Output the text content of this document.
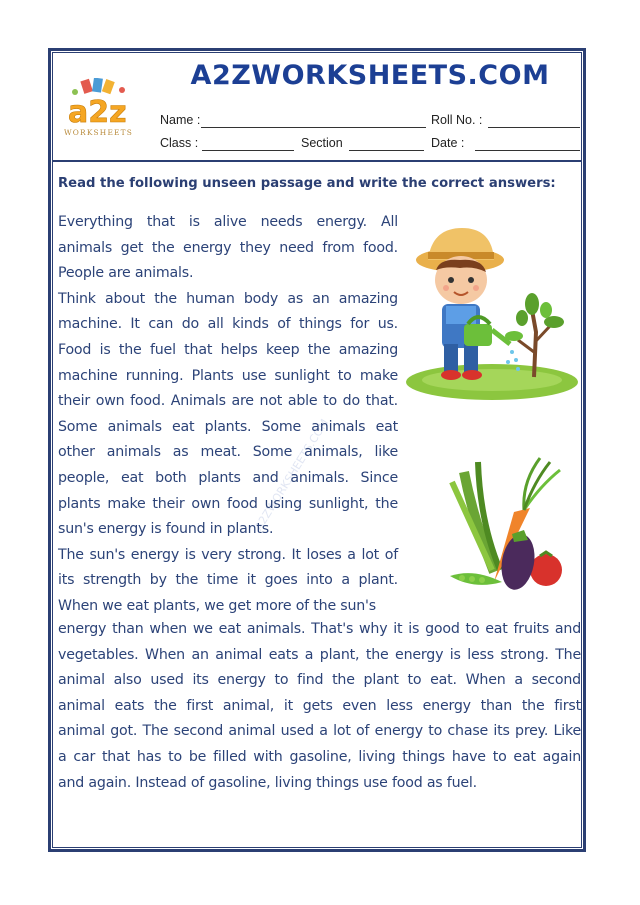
a2z
WORKSHEETS
A2ZWORKSHEETS.COM
Name :	Roll No. :
Class :	Section	Date :
Read the following unseen passage and write the correct answers:
A2ZWORKSHEETS.COM

Everything that is alive needs energy. All

animals get the energy they need from food.

People are animals.

Think about the human body as an amazing

machine. It can do all kinds of things for us.

Food is the fuel that helps keep the amazing

machine running. Plants use sunlight to make

their own food. Animals are not able to do that.

Some animals eat plants. Some animals eat

other animals as meat. Some animals, like

people, eat both plants and animals. Since

plants make their own food using sunlight, the

sun's energy is found in plants.

The sun's energy is very strong. It loses a lot of

its strength by the time it goes into a plant.

When we eat plants, we get more of the sun's

energy than when we eat animals. That's why it is good to eat fruits and

vegetables. When an animal eats a plant, the energy is less strong. The

animal also used its energy to find the plant to eat. When a second

animal eats the first animal, it gets even less energy than the first

animal got. The second animal used a lot of energy to chase its prey. Like

a car that has to be filled with gasoline, living things have to eat again

and again. Instead of gasoline, living things use food as fuel.
